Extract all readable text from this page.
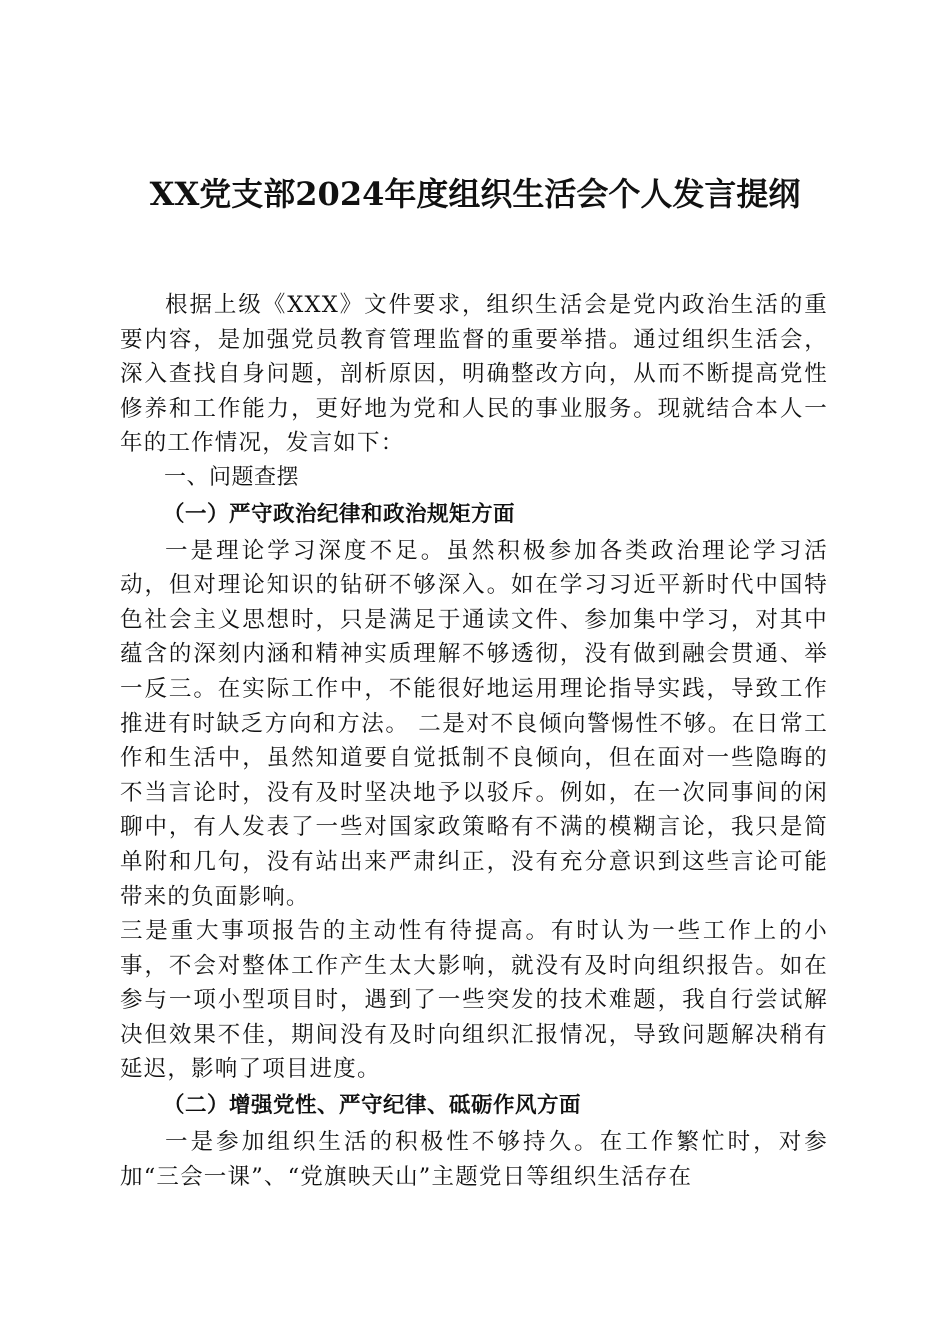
XX党支部2024年度组织生活会个人发言提纲

根据上级《XXX》文件要求，组织生活会是党内政治生活的重要内容，是加强党员教育管理监督的重要举措。通过组织生活会，深入查找自身问题，剖析原因，明确整改方向，从而不断提高党性修养和工作能力，更好地为党和人民的事业服务。现就结合本人一年的工作情况，发言如下：

一、问题查摆

（一）严守政治纪律和政治规矩方面

一是理论学习深度不足。虽然积极参加各类政治理论学习活动，但对理论知识的钻研不够深入。如在学习习近平新时代中国特色社会主义思想时，只是满足于通读文件、参加集中学习，对其中蕴含的深刻内涵和精神实质理解不够透彻，没有做到融会贯通、举一反三。在实际工作中，不能很好地运用理论指导实践，导致工作推进有时缺乏方向和方法。 二是对不良倾向警惕性不够。在日常工作和生活中，虽然知道要自觉抵制不良倾向，但在面对一些隐晦的不当言论时，没有及时坚决地予以驳斥。例如，在一次同事间的闲聊中，有人发表了一些对国家政策略有不满的模糊言论，我只是简单附和几句，没有站出来严肃纠正，没有充分意识到这些言论可能带来的负面影响。

三是重大事项报告的主动性有待提高。有时认为一些工作上的小事，不会对整体工作产生太大影响，就没有及时向组织报告。如在参与一项小型项目时，遇到了一些突发的技术难题，我自行尝试解决但效果不佳，期间没有及时向组织汇报情况，导致问题解决稍有延迟，影响了项目进度。

（二）增强党性、严守纪律、砥砺作风方面

一是参加组织生活的积极性不够持久。在工作繁忙时，对参加“三会一课”、“党旗映天山”主题党日等组织生活存在
